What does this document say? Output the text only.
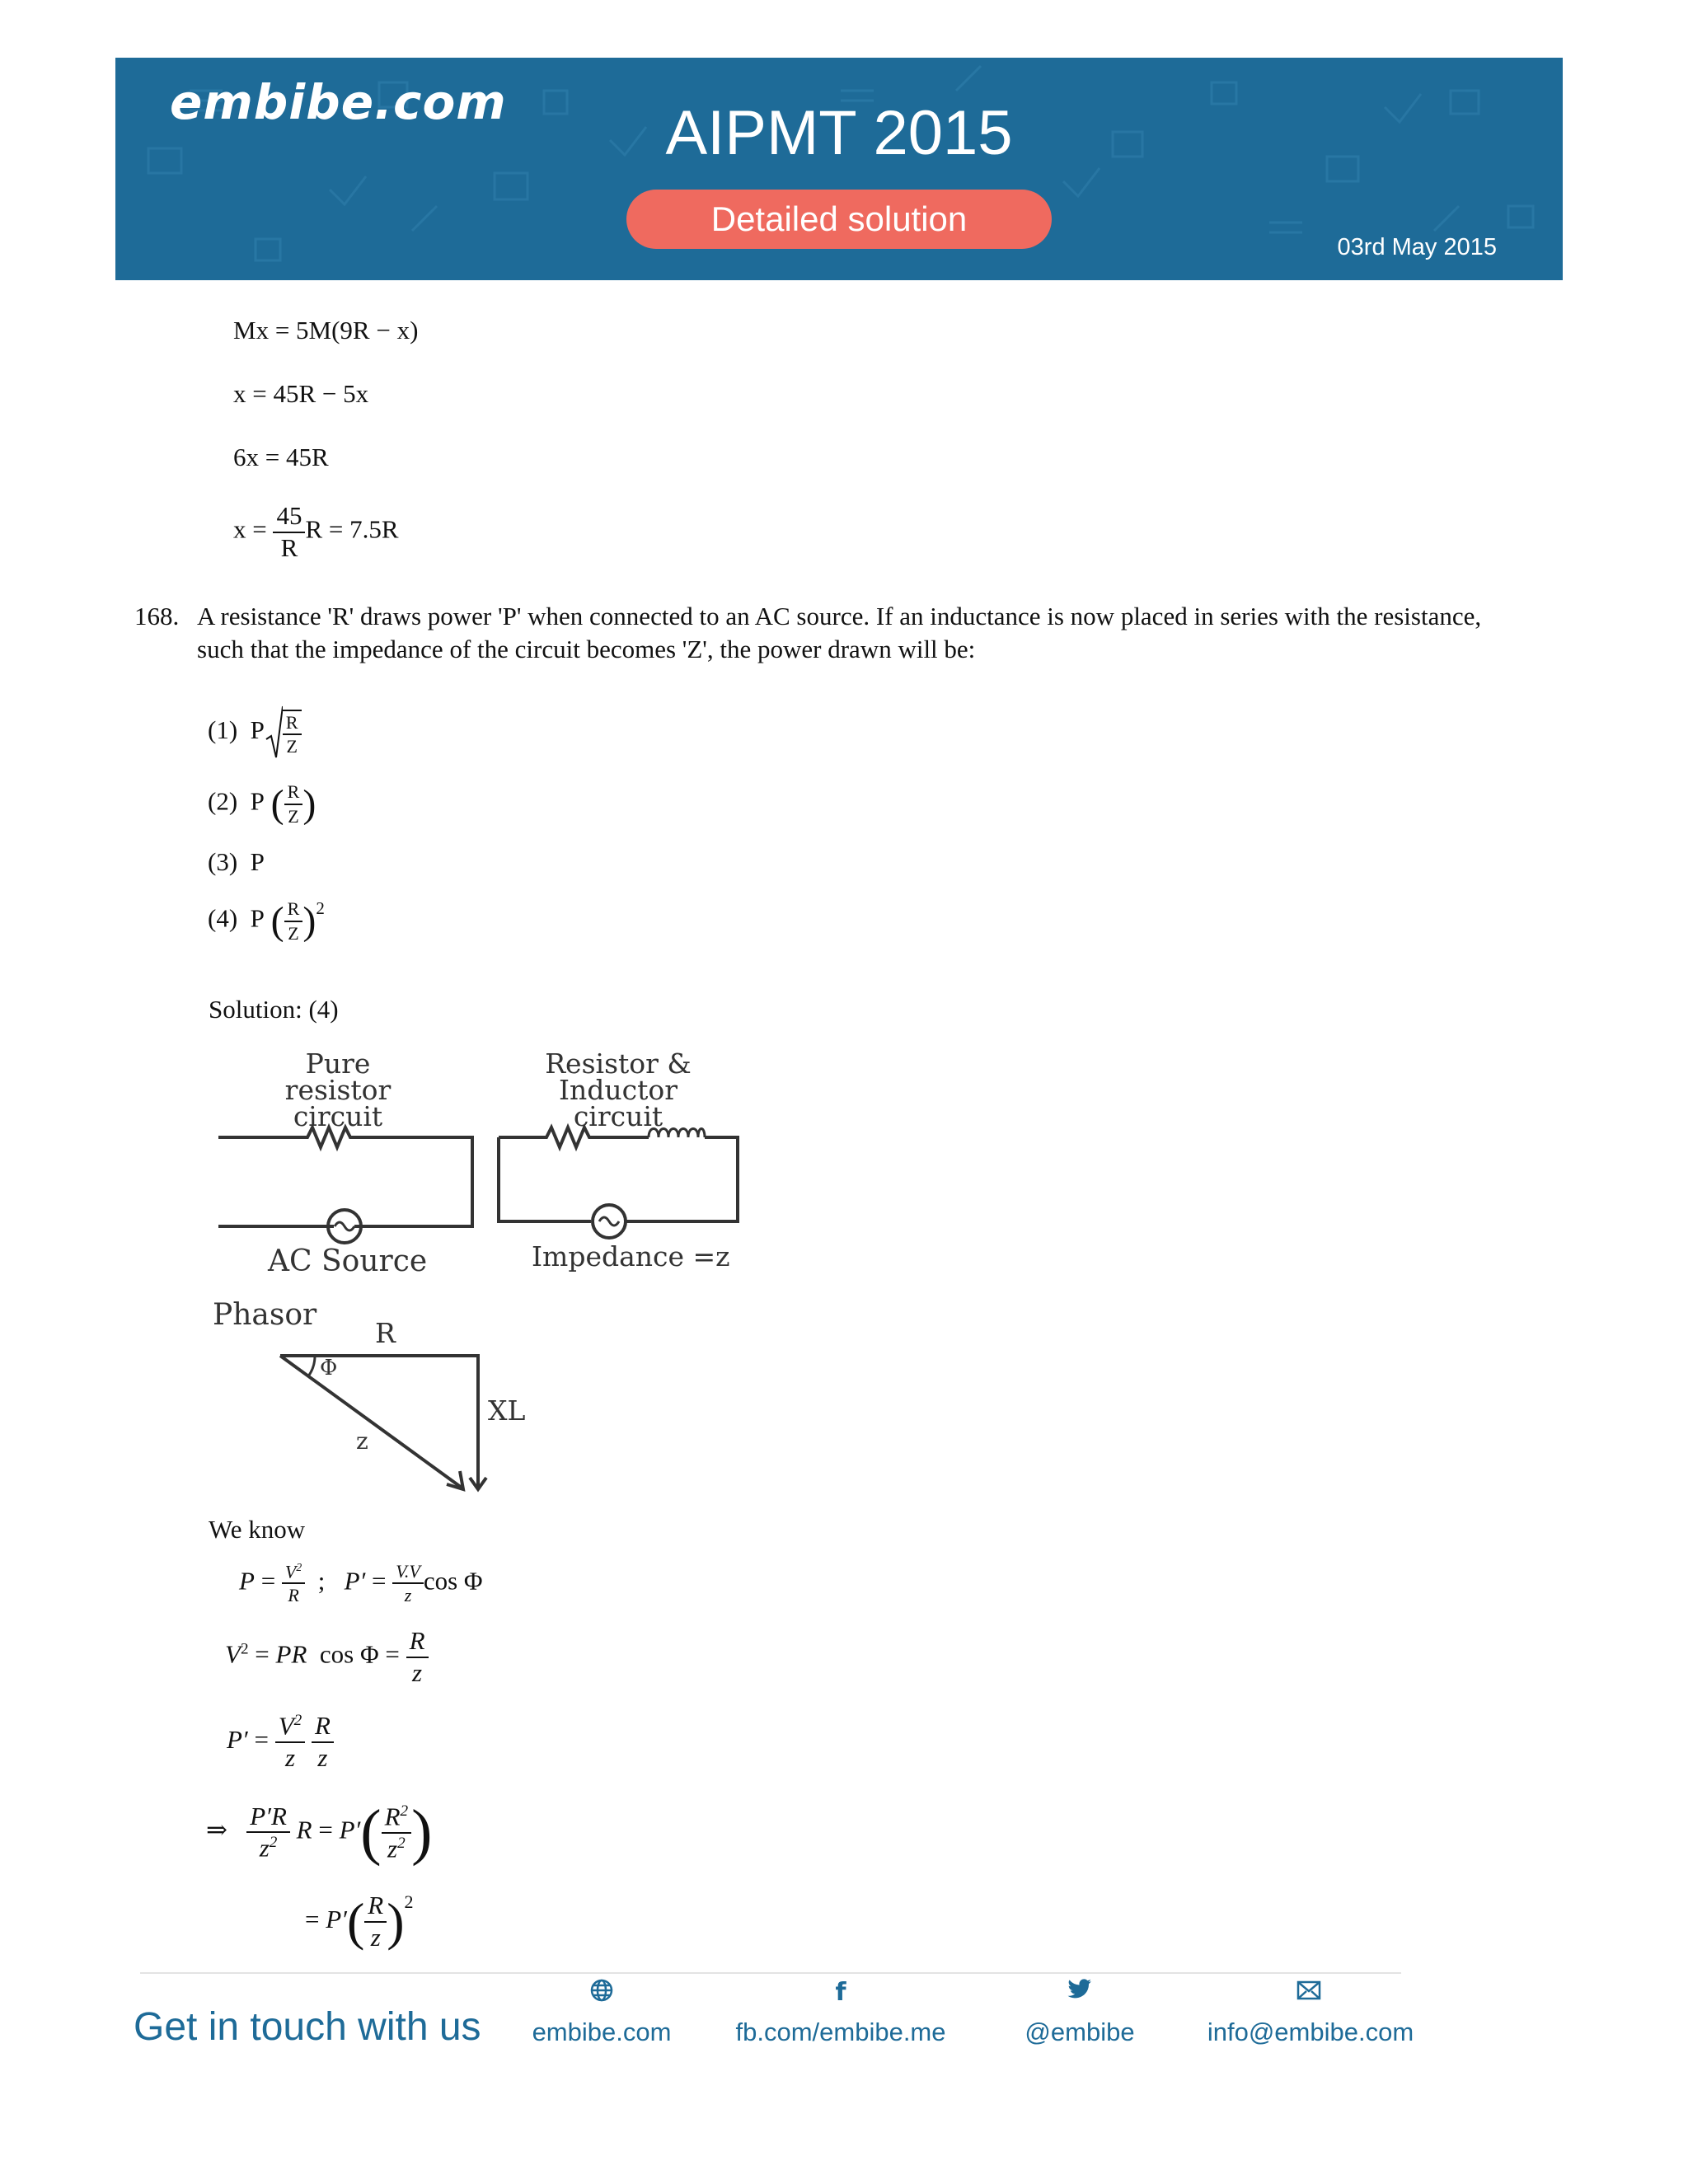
embibe.com	AIPMT 2015
Detailed solution
03rd May 2015
Mx = 5M(9R − x)
x = 45R − 5x
6x = 45R
$x = \frac{45}{R}$ R = 7.5R
168. A resistance 'R' draws power 'P' when connected to an AC source. If an inductance is now placed in series with the resistance, such that the impedance of the circuit becomes 'Z', the power drawn will be:
(1) P $\frac{R}{Z}$
(2) P ( $\frac{R}{Z}$ )
(3) P
(4) P ( $\frac{R}{Z} )^2$
Solution: (4)
Pure resistor
circuit
Resistor & Inductor
circuit
AC Source	Impedance =z
Phasor
R
Φ
XL
z
We know
$P = \frac{V^2}{R}$ ; $P' = \frac{V.V}{z}$ cos Φ
$V^2$ = PR $\cos \Phi = \frac{R}{z}$
$P' = \frac{V^2}{z}$
$\frac{R}{z}$
⇒ $\frac{P'R}{z^2}$ $R = P'( \frac{R^2}{z^2}$ )
= $P'( \frac{R}{z} )^2$
Get in touch with us	embibe.com
f
fb.com/embibe.me	@embibe	info@embibe.com
